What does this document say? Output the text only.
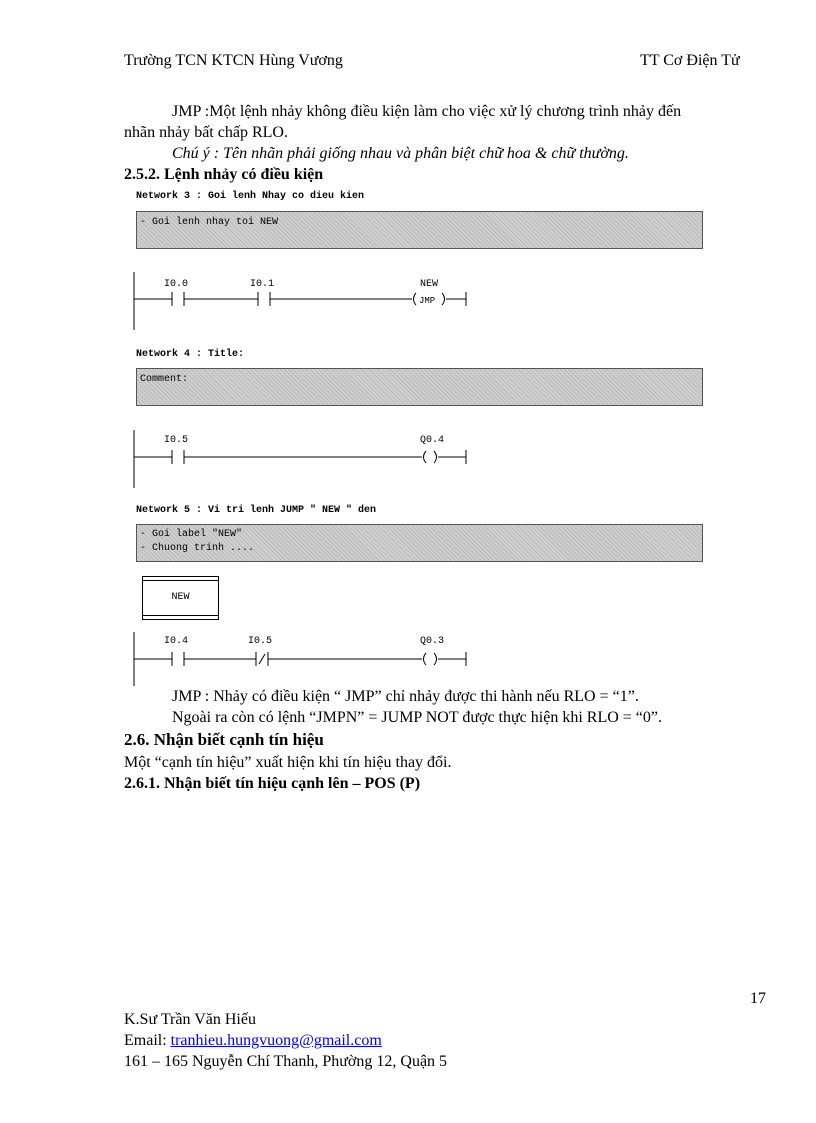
Trường TCN KTCN Hùng Vương	TT Cơ Điện Tử
JMP :Một lệnh nhảy không điều kiện làm cho việc xử lý chương trình nhảy đến
nhãn nhảy bất chấp RLO.
Chú ý : Tên nhãn phải giống nhau và phân biệt chữ hoa & chữ thường.
2.5.2. Lệnh nhảy có điều kiện
Network 3 : Goi lenh Nhay co dieu kien
- Goi lenh nhay toi NEW
I0.0	I0.1	NEW
JMP
Network 4 : Title:
Comment:
I0.5	Q0.4
Network 5 : Vi tri lenh JUMP " NEW " den
- Goi label "NEW"
- Chuong trinh ....
NEW
I0.4	I0.5	Q0.3
JMP : Nhảy có điều kiện “ JMP” chỉ nhảy được thi hành nếu RLO = “1”.
Ngoài ra còn có lệnh “JMPN” = JUMP NOT được thực hiện khi RLO = “0”.
2.6. Nhận biết cạnh tín hiệu
Một “cạnh tín hiệu” xuất hiện khi tín hiệu thay đổi.
2.6.1. Nhận biết tín hiệu cạnh lên – POS (P)
17
K.Sư Trần Văn Hiếu
Email: tranhieu.hungvuong@gmail.com
161 – 165 Nguyễn Chí Thanh, Phường 12, Quận 5
